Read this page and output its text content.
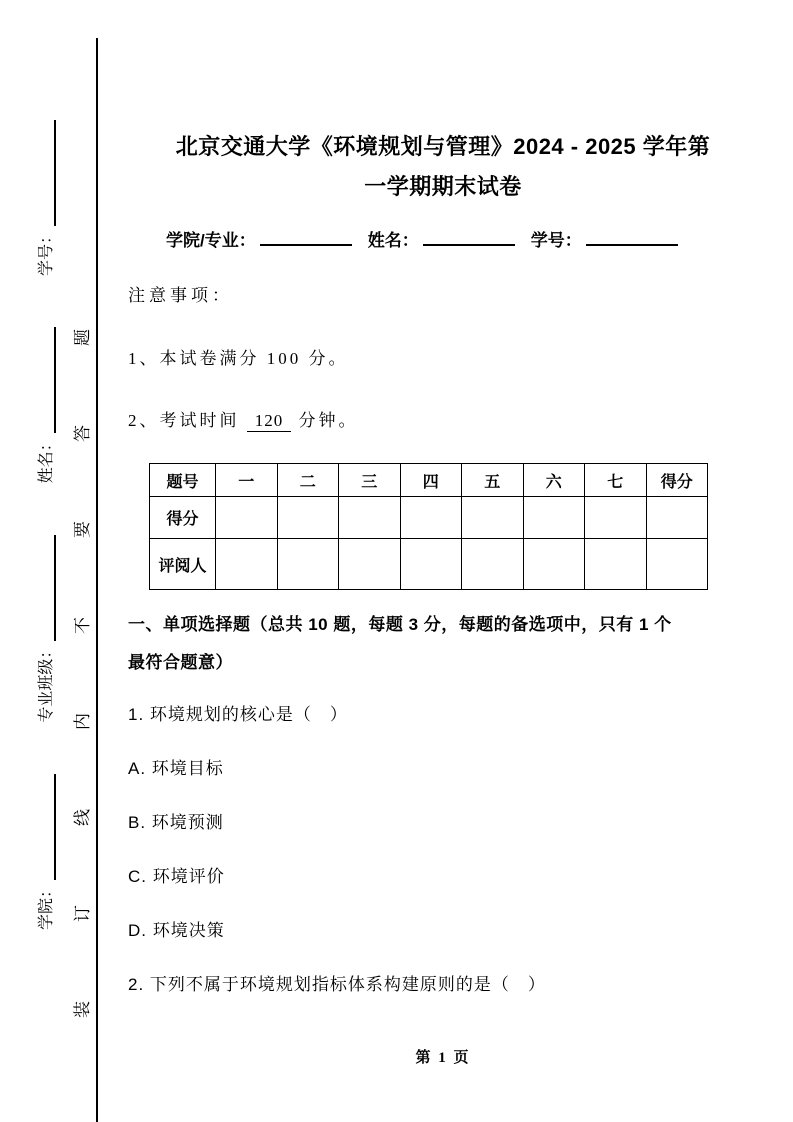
学院：
专业班级：
姓名：
学号： 装订线内不要答题
北京交通大学《环境规划与管理》2024 - 2025 学年第
一学期期末试卷
学院/专业：	姓名：	学号：
注意事项：
1、本试卷满分 100 分。
2、考试时间 120 分钟。
题号	一	二	三	四	五	六	七	得分
得分								
评阅人								
一、单项选择题（总共 10 题，每题 3 分，每题的备选项中，只有 1 个
最符合题意）
1. 环境规划的核心是（　）
A. 环境目标
B. 环境预测
C. 环境评价
D. 环境决策
2. 下列不属于环境规划指标体系构建原则的是（　）
第 1 页
